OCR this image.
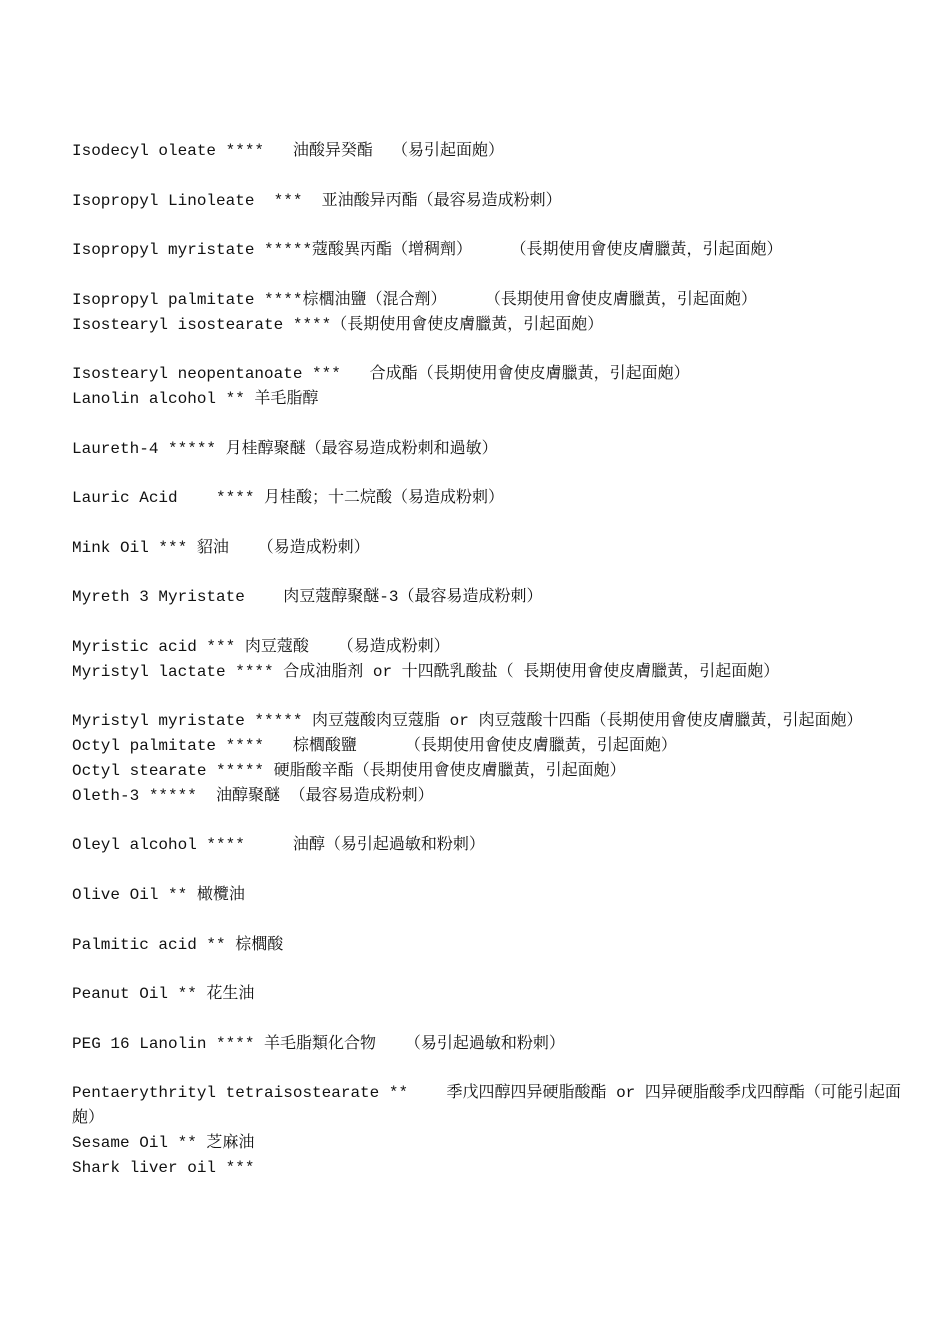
Isodecyl oleate ****   油酸异癸酯  （易引起面皰）

Isopropyl Linoleate  ***  亚油酸异丙酯（最容易造成粉刺）

Isopropyl myristate *****蔻酸異丙酯（增稠劑）    （長期使用會使皮膚臘黃，引起面皰）

Isopropyl palmitate ****棕櫚油鹽（混合劑）    （長期使用會使皮膚臘黃，引起面皰）

Isostearyl isostearate ****（長期使用會使皮膚臘黃，引起面皰）

Isostearyl neopentanoate ***   合成酯（長期使用會使皮膚臘黃，引起面皰）

Lanolin alcohol ** 羊毛脂醇

Laureth-4 ***** 月桂醇聚醚（最容易造成粉刺和過敏）

Lauric Acid    **** 月桂酸；十二烷酸（易造成粉刺）

Mink Oil *** 貂油   （易造成粉刺）

Myreth 3 Myristate    肉豆蔻醇聚醚-3（最容易造成粉刺）

Myristic acid *** 肉豆蔻酸   （易造成粉刺）

Myristyl lactate **** 合成油脂剂 or 十四酰乳酸盐（ 長期使用會使皮膚臘黃，引起面皰）

Myristyl myristate ***** 肉豆蔻酸肉豆蔻脂 or 肉豆蔻酸十四酯（長期使用會使皮膚臘黃，引起面皰）

Octyl palmitate ****   棕櫚酸鹽     （長期使用會使皮膚臘黃，引起面皰）

Octyl stearate ***** 硬脂酸辛酯（長期使用會使皮膚臘黃，引起面皰）

Oleth-3 *****  油醇聚醚 （最容易造成粉刺）

Oleyl alcohol ****     油醇（易引起過敏和粉刺）

Olive Oil ** 橄欖油

Palmitic acid ** 棕櫚酸

Peanut Oil ** 花生油

PEG 16 Lanolin **** 羊毛脂類化合物   （易引起過敏和粉刺）

Pentaerythrityl tetraisostearate **    季戊四醇四异硬脂酸酯 or 四异硬脂酸季戊四醇酯（可能引起面皰）

Sesame Oil ** 芝麻油

Shark liver oil ***
